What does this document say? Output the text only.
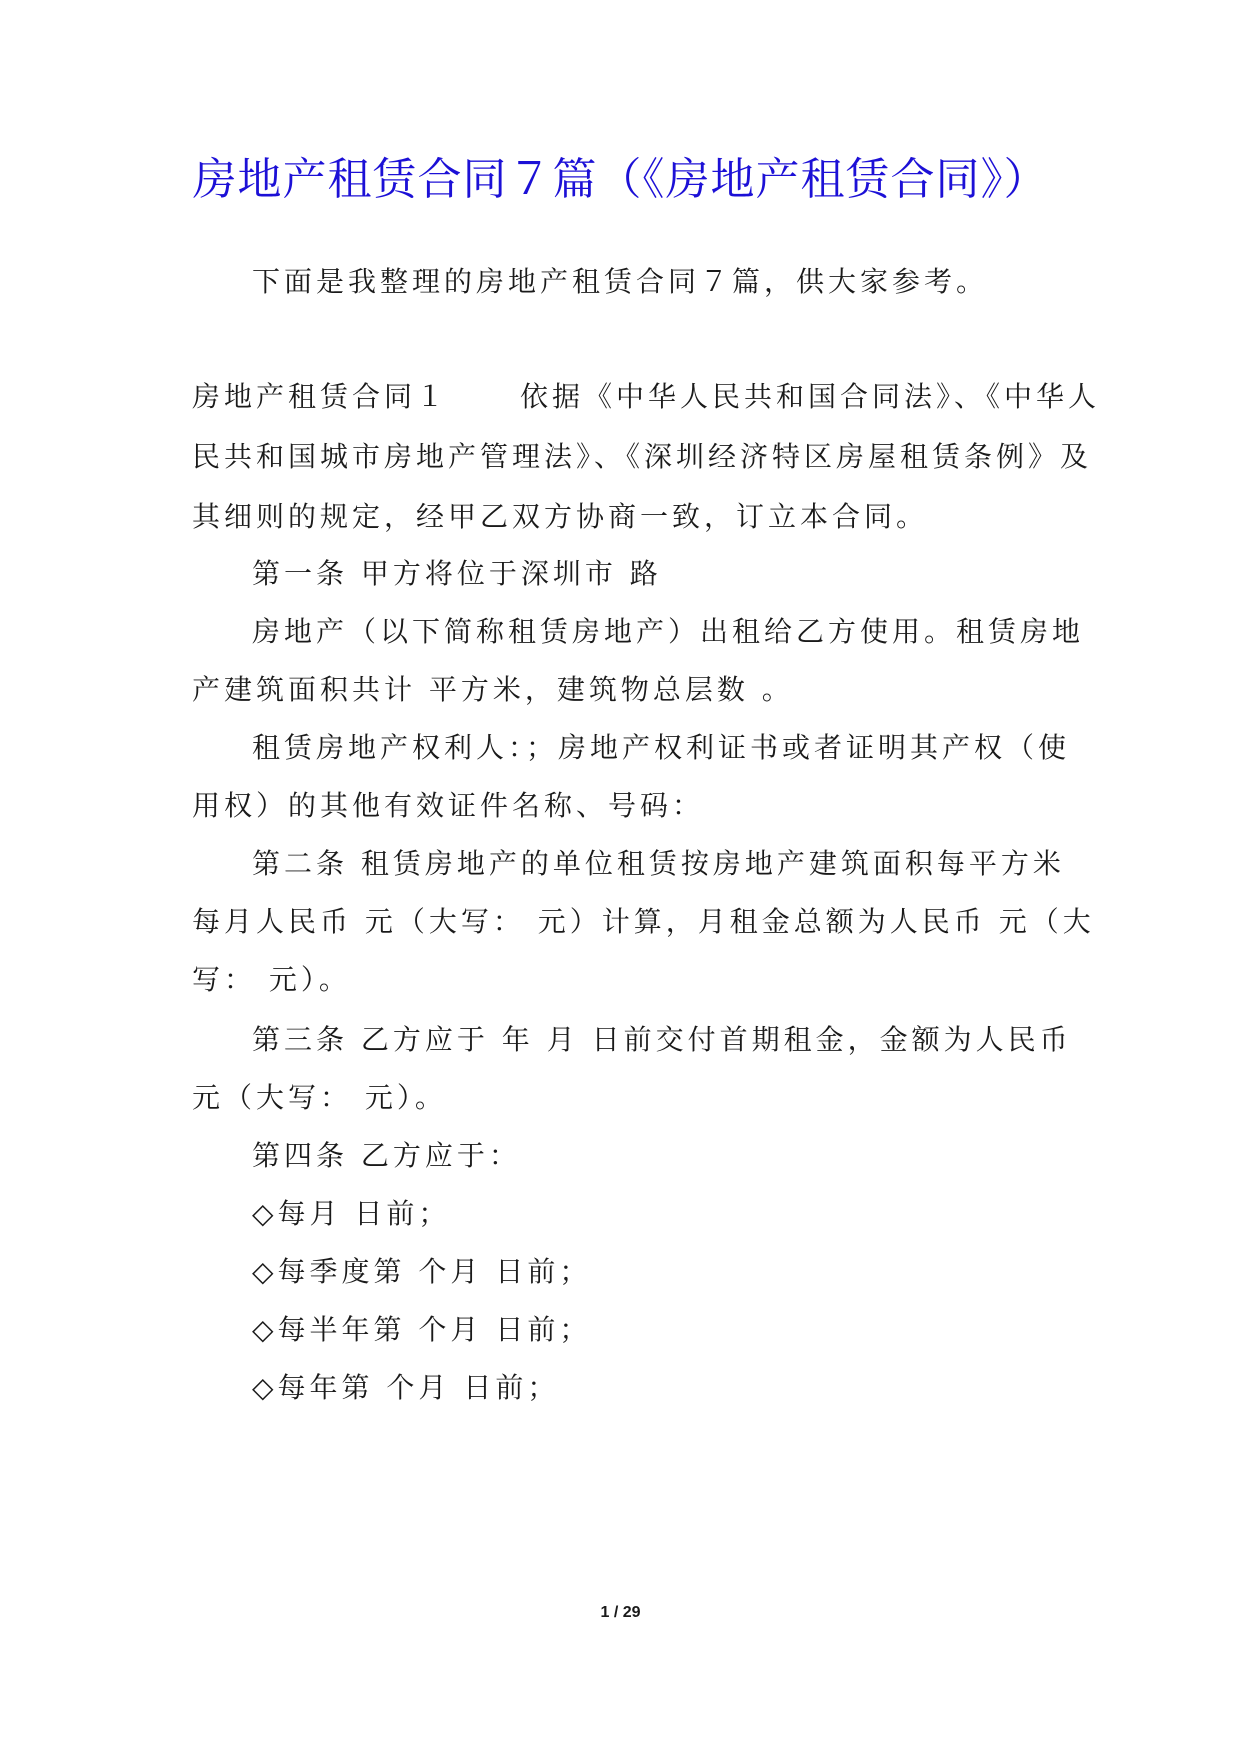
房地产租赁合同７篇（《房地产租赁合同》）
下面是我整理的房地产租赁合同７篇，供大家参考。
房地产租赁合同１	依据《中华人民共和国合同法》、《中华人
民共和国城市房地产管理法》、《深圳经济特区房屋租赁条例》及
其细则的规定，经甲乙双方协商一致，订立本合同。
第一条 甲方将位于深圳市 路
房地产（以下简称租赁房地产）出租给乙方使用。租赁房地
产建筑面积共计 平方米，建筑物总层数 。
租赁房地产权利人：；房地产权利证书或者证明其产权（使
用权）的其他有效证件名称、号码：
第二条 租赁房地产的单位租赁按房地产建筑面积每平方米
每月人民币 元（大写： 元）计算，月租金总额为人民币 元（大
写： 元）。
第三条 乙方应于 年 月 日前交付首期租金，金额为人民币
元（大写： 元）。
第四条 乙方应于：
◇每月 日前；
◇每季度第 个月 日前；
◇每半年第 个月 日前；
◇每年第 个月 日前；
1 / 29
